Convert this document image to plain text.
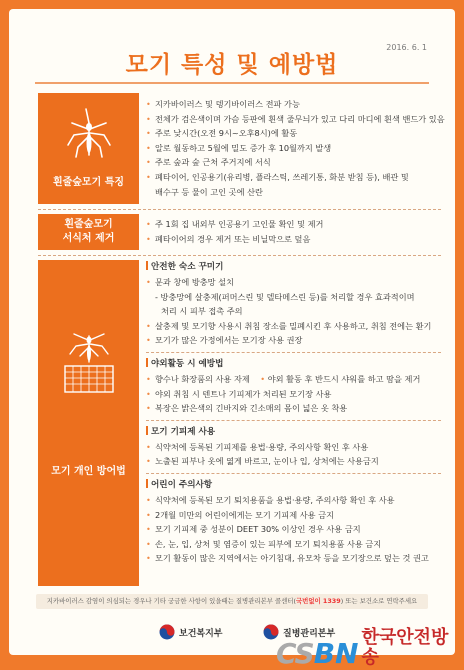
2016. 6. 1
모기 특성 및 예방법
흰줄숲모기 특징
• 지카바이러스 및 뎅기바이러스 전파 가능
• 전체가 검은색이며 가슴 등판에 흰색 줄무늬가 있고 다리 마디에 흰색 밴드가 있음
• 주로 낮시간(오전 9시~오후8시)에 활동
• 알로 월동하고 5월에 밀도 증가 후 10월까지 발생
• 주로 숲과 숲 근처 주거지에 서식
• 폐타이어, 인공용기(유리병, 플라스틱, 쓰레기통, 화분 받침 등), 배관 및
배수구 등 물이 고인 곳에 산란
흰줄숲모기
서식처 제거
• 주 1회 집 내외부 인공용기 고인물 확인 및 제거
• 폐타이어의 경우 제거 또는 비닐막으로 덮음
모기 개인 방어법
안전한 숙소 꾸미기
• 문과 창에 방충망 설치
- 방충망에 살충제(퍼머스린 및 델타메스린 등)를 처리할 경우 효과적이며
처리 시 피부 접촉 주의
• 살충제 및 모기향 사용시 취침 장소를 밀폐시킨 후 사용하고, 취침 전에는 환기
• 모기가 많은 가정에서는 모기장 사용 권장
야외활동 시 예방법
• 향수나 화장품의 사용 자제 • 야외 활동 후 반드시 샤워를 하고 땀을 제거
• 야외 취침 시 텐트나 기피제가 처리된 모기장 사용
• 복장은 밝은색의 긴바지와 긴소매의 몸이 넓은 옷 착용
모기 기피제 사용
• 식약처에 등록된 기피제를 용법·용량, 주의사항 확인 후 사용
• 노출된 피부나 옷에 엷게 바르고, 눈이나 입, 상처에는 사용금지
어린이 주의사항
• 식약처에 등록된 모기 퇴치용품을 용법·용량, 주의사항 확인 후 사용
• 2개월 미만의 어린이에게는 모기 기피제 사용 금지
• 모기 기피제 중 성분이 DEET 30% 이상인 경우 사용 금지
• 손, 눈, 입, 상처 및 염증이 있는 피부에 모기 퇴치용품 사용 금지
• 모기 활동이 많은 지역에서는 아기침대, 유모차 등을 모기장으로 덮는 것 권고
지카바이러스 감염이 의심되는 경우나 기타 궁금한 사항이 있을때는 질병관리본부 콜센터(국번없이 1339) 또는 보건소로 연락주세요
보건복지부	질병관리본부
CS BN 한국안전방송
